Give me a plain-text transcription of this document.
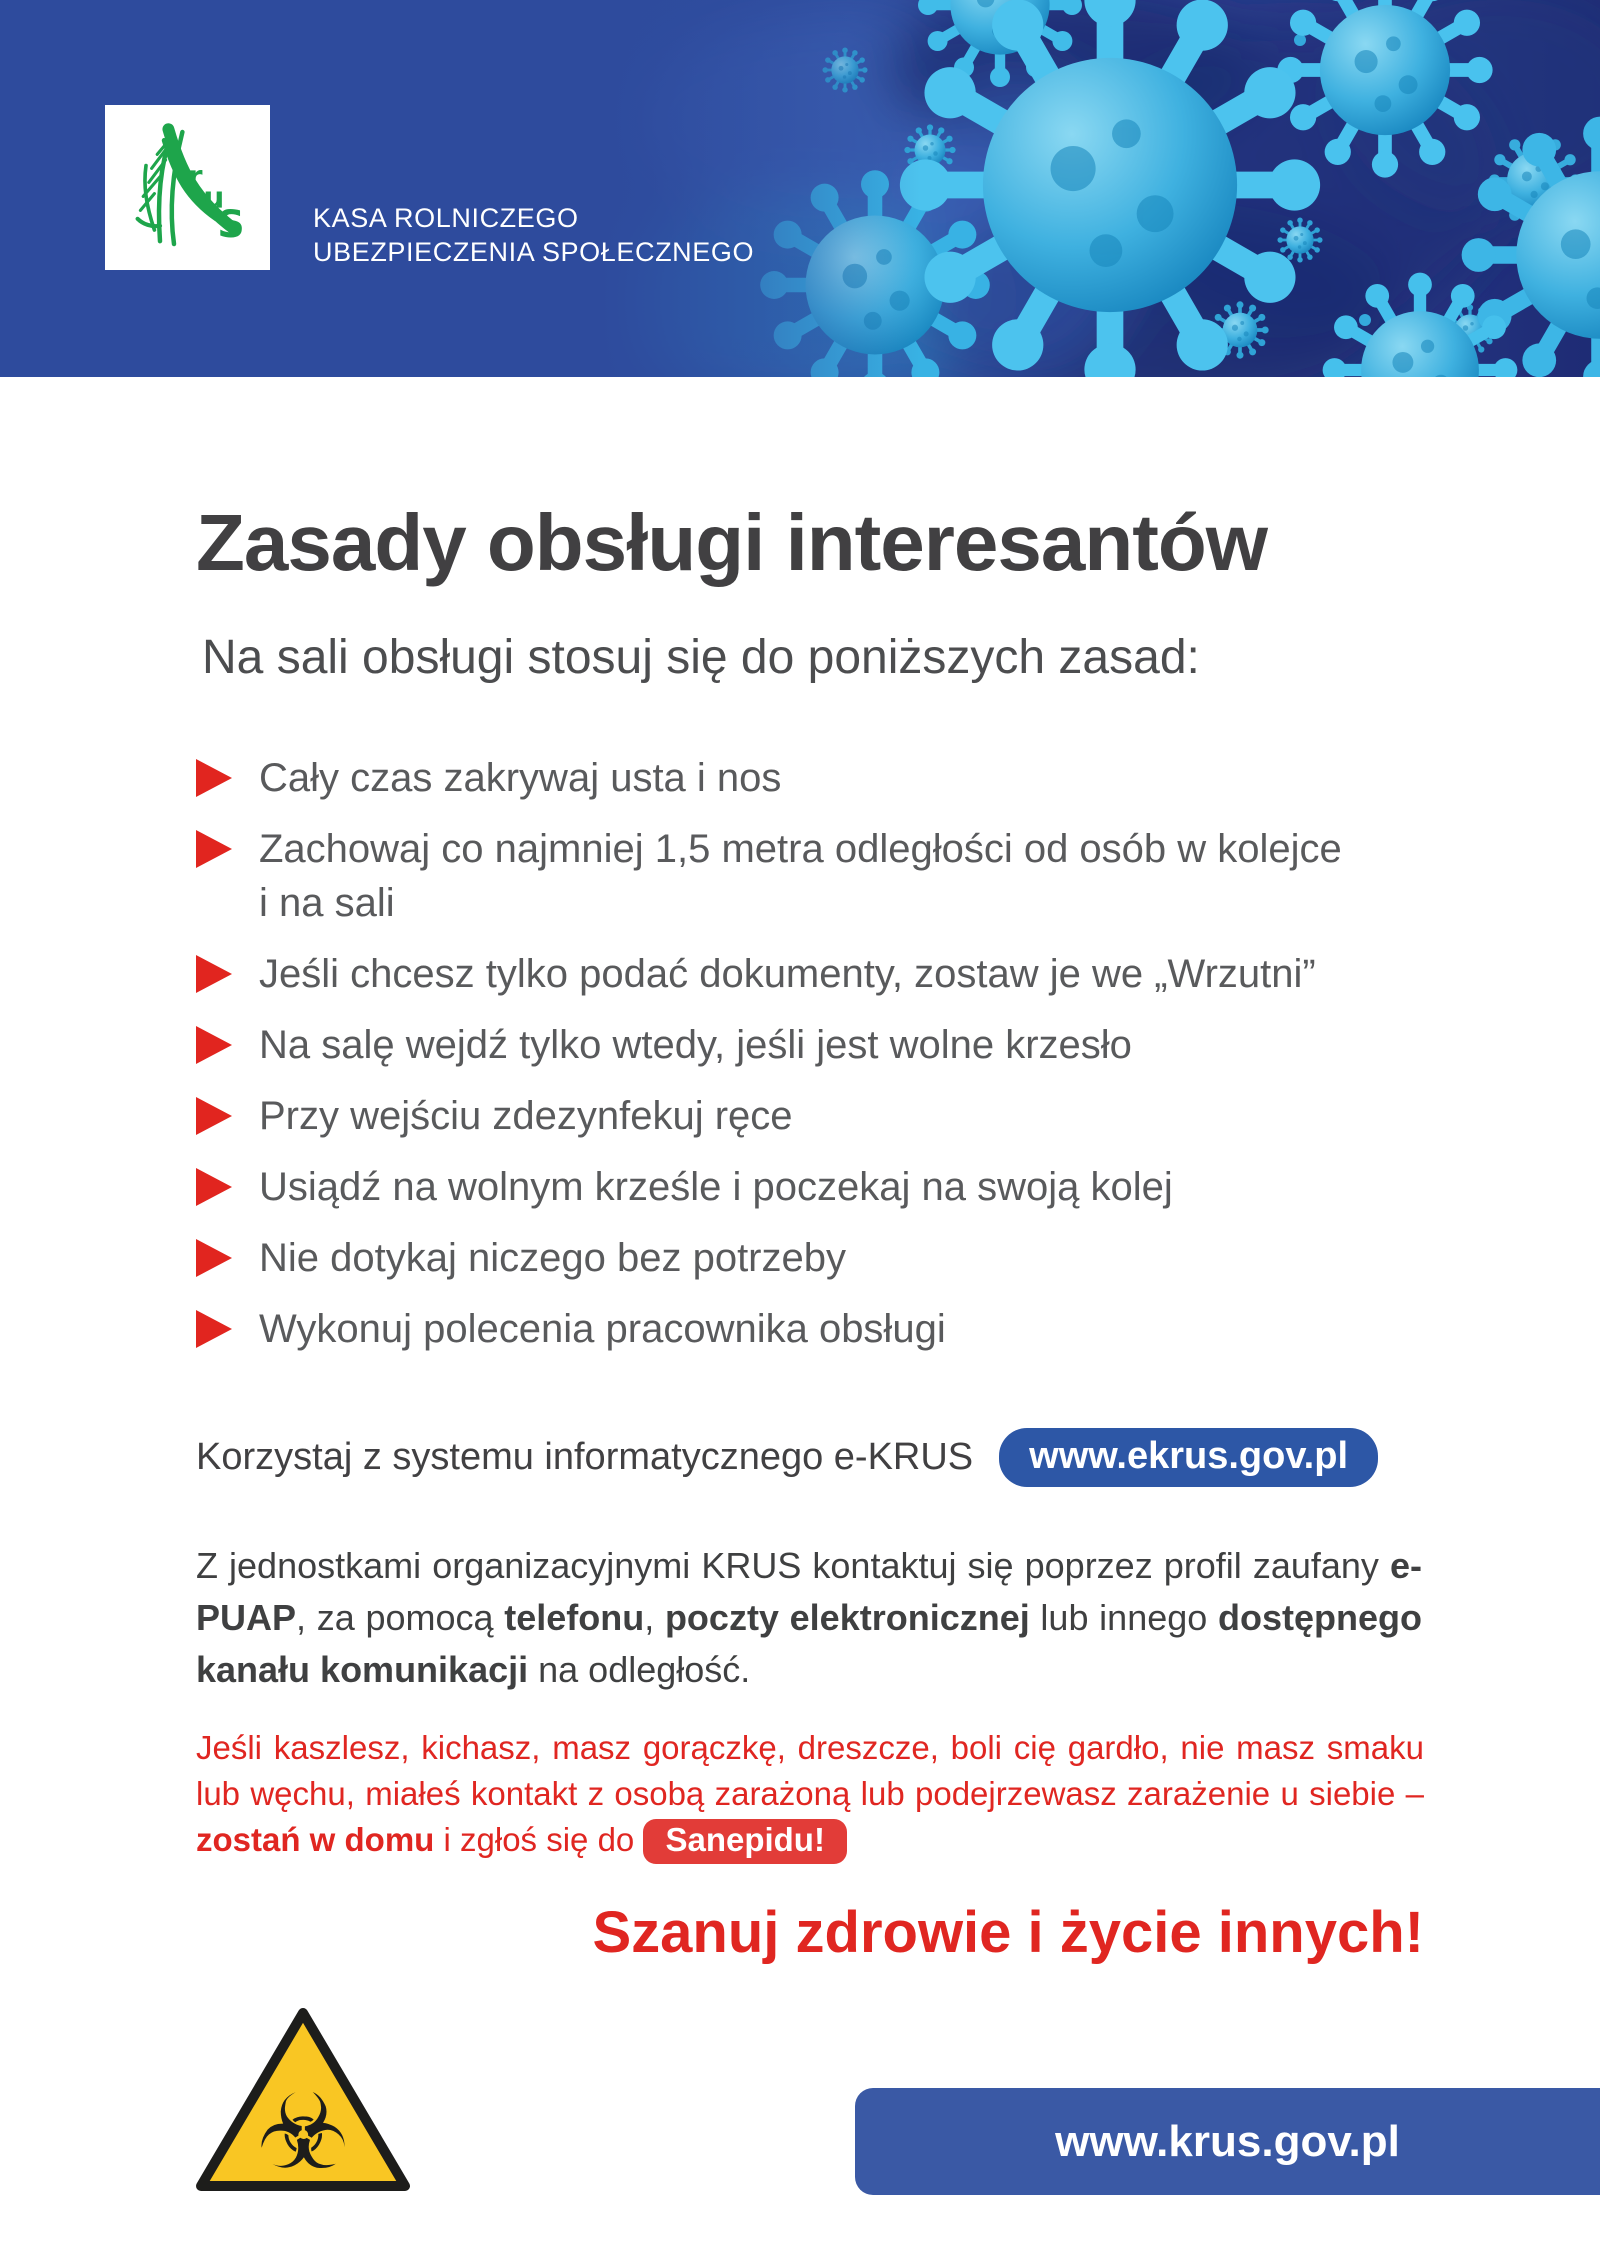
r
u
S	KASA ROLNICZEGO
UBEZPIECZENIA SPOŁECZNEGO
Zasady obsługi interesantów
Na sali obsługi stosuj się do poniższych zasad:
Cały czas zakrywaj usta i nos
Zachowaj co najmniej 1,5 metra odległości od osób w kolejce
i na sali
Jeśli chcesz tylko podać dokumenty, zostaw je we „Wrzutni”
Na salę wejdź tylko wtedy, jeśli jest wolne krzesło
Przy wejściu zdezynfekuj ręce
Usiądź na wolnym krześle i poczekaj na swoją kolej
Nie dotykaj niczego bez potrzeby
Wykonuj polecenia pracownika obsługi
Korzystaj z systemu informatycznego e-KRUS	www.ekrus.gov.pl

Z jednostkami organizacyjnymi KRUS kontaktuj się poprzez profil zaufany e-PUAP, za pomocą telefonu, poczty elektronicznej lub innego dostępnego kanału komunikacji na odległość.

Jeśli kaszlesz, kichasz, masz gorączkę, dreszcze, boli cię gardło, nie masz smaku lub węchu, miałeś kontakt z osobą zarażoną lub podejrzewasz zarażenie u siebie – zostań w domu i zgłoś się do Sanepidu!

Szanuj zdrowie i życie innych!
☣	www.krus.gov.pl
